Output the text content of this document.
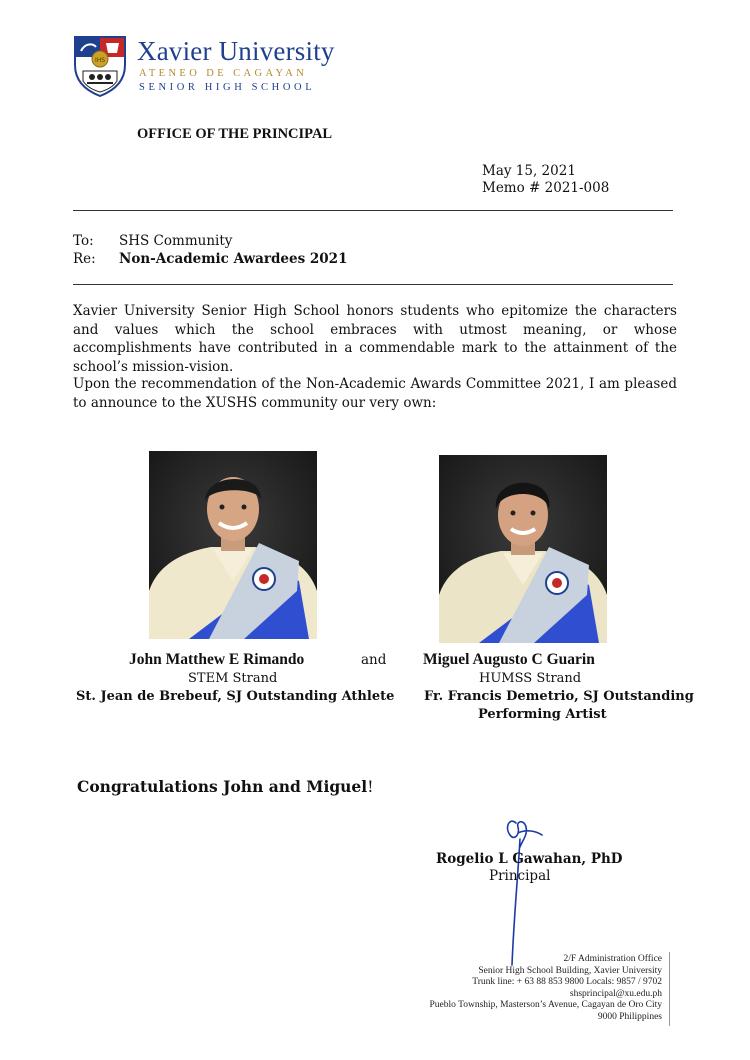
IHS Xavier University
ATENEO DE CAGAYAN
SENIOR HIGH SCHOOL
OFFICE OF THE PRINCIPAL
May 15, 2021
Memo # 2021-008
To: SHS Community
Re: Non-Academic Awardees 2021

Xavier University Senior High School honors students who epitomize the characters and values which the school embraces with utmost meaning, or whose accomplishments have contributed in a commendable mark to the attainment of the school’s mission-vision.

Upon the recommendation of the Non-Academic Awards Committee 2021, I am pleased to announce to the XUSHS community our very own:

John Matthew E Rimando	and Miguel Augusto C Guarin
STEM Strand	HUMSS Strand
St. Jean de Brebeuf, SJ Outstanding Athlete Fr. Francis Demetrio, SJ Outstanding
Performing Artist
Congratulations John and Miguel!
Rogelio L Gawahan, PhD
Principal
2/F Administration Office
Senior High School Building, Xavier University
Trunk line: + 63 88 853 9800 Locals: 9857 / 9702
shsprincipal@xu.edu.ph
Pueblo Township, Masterson’s Avenue, Cagayan de Oro City
9000 Philippines
